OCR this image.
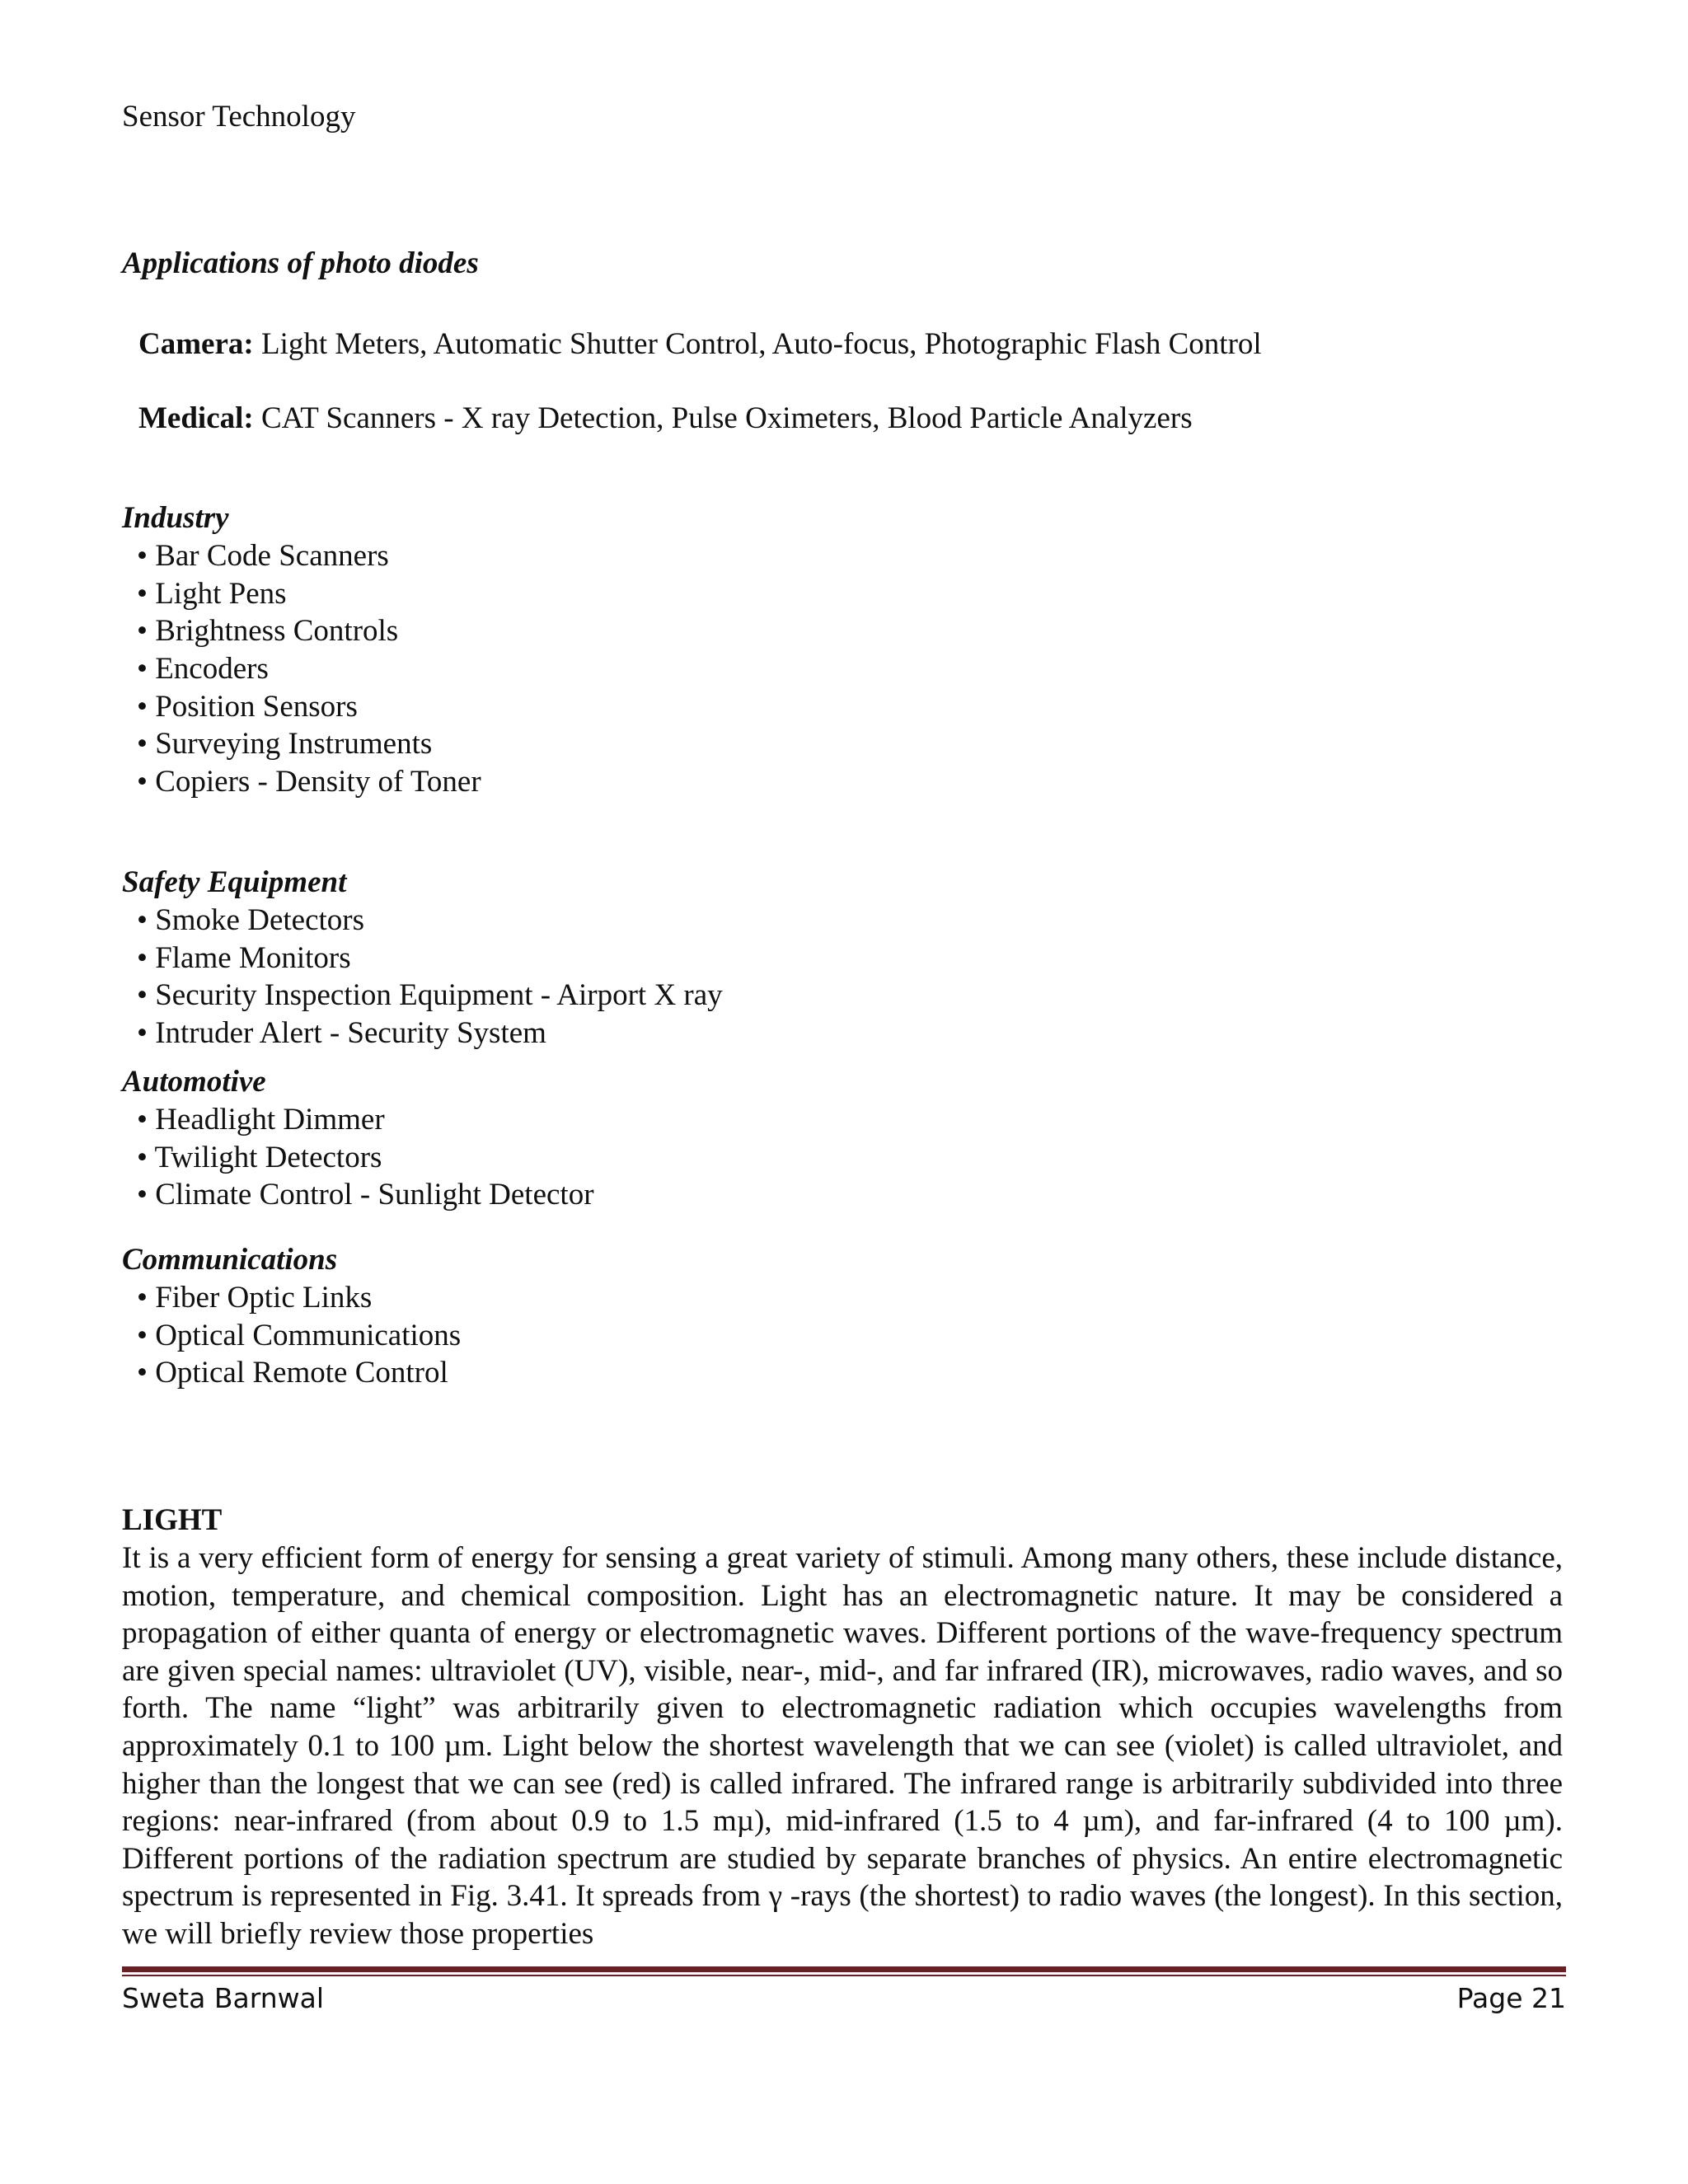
Sensor Technology
Applications of photo diodes
Camera: Light Meters, Automatic Shutter Control, Auto-focus, Photographic Flash Control
Medical: CAT Scanners - X ray Detection, Pulse Oximeters, Blood Particle Analyzers
Industry
• Bar Code Scanners
• Light Pens
• Brightness Controls
• Encoders
• Position Sensors
• Surveying Instruments
• Copiers - Density of Toner
Safety Equipment
• Smoke Detectors
• Flame Monitors
• Security Inspection Equipment - Airport X ray
• Intruder Alert - Security System
Automotive
• Headlight Dimmer
• Twilight Detectors
• Climate Control - Sunlight Detector
Communications
• Fiber Optic Links
• Optical Communications
• Optical Remote Control
LIGHT

It is a very efficient form of energy for sensing a great variety of stimuli. Among many others, these include distance, motion, temperature, and chemical composition. Light has an electromagnetic nature. It may be considered a propagation of either quanta of energy or electromagnetic waves. Different portions of the wave-frequency spectrum are given special names: ultraviolet (UV), visible, near-, mid-, and far infrared (IR), microwaves, radio waves, and so forth. The name “light” was arbitrarily given to electromagnetic radiation which occupies wavelengths from approximately 0.1 to 100 µm. Light below the shortest wavelength that we can see (violet) is called ultraviolet, and higher than the longest that we can see (red) is called infrared. The infrared range is arbitrarily subdivided into three regions: near-infrared (from about 0.9 to 1.5 mµ), mid-infrared (1.5 to 4 µm), and far-infrared (4 to 100 µm). Different portions of the radiation spectrum are studied by separate branches of physics. An entire electromagnetic spectrum is represented in Fig. 3.41. It spreads from γ -rays (the shortest) to radio waves (the longest). In this section, we will briefly review those properties

Sweta Barnwal	Page 21
